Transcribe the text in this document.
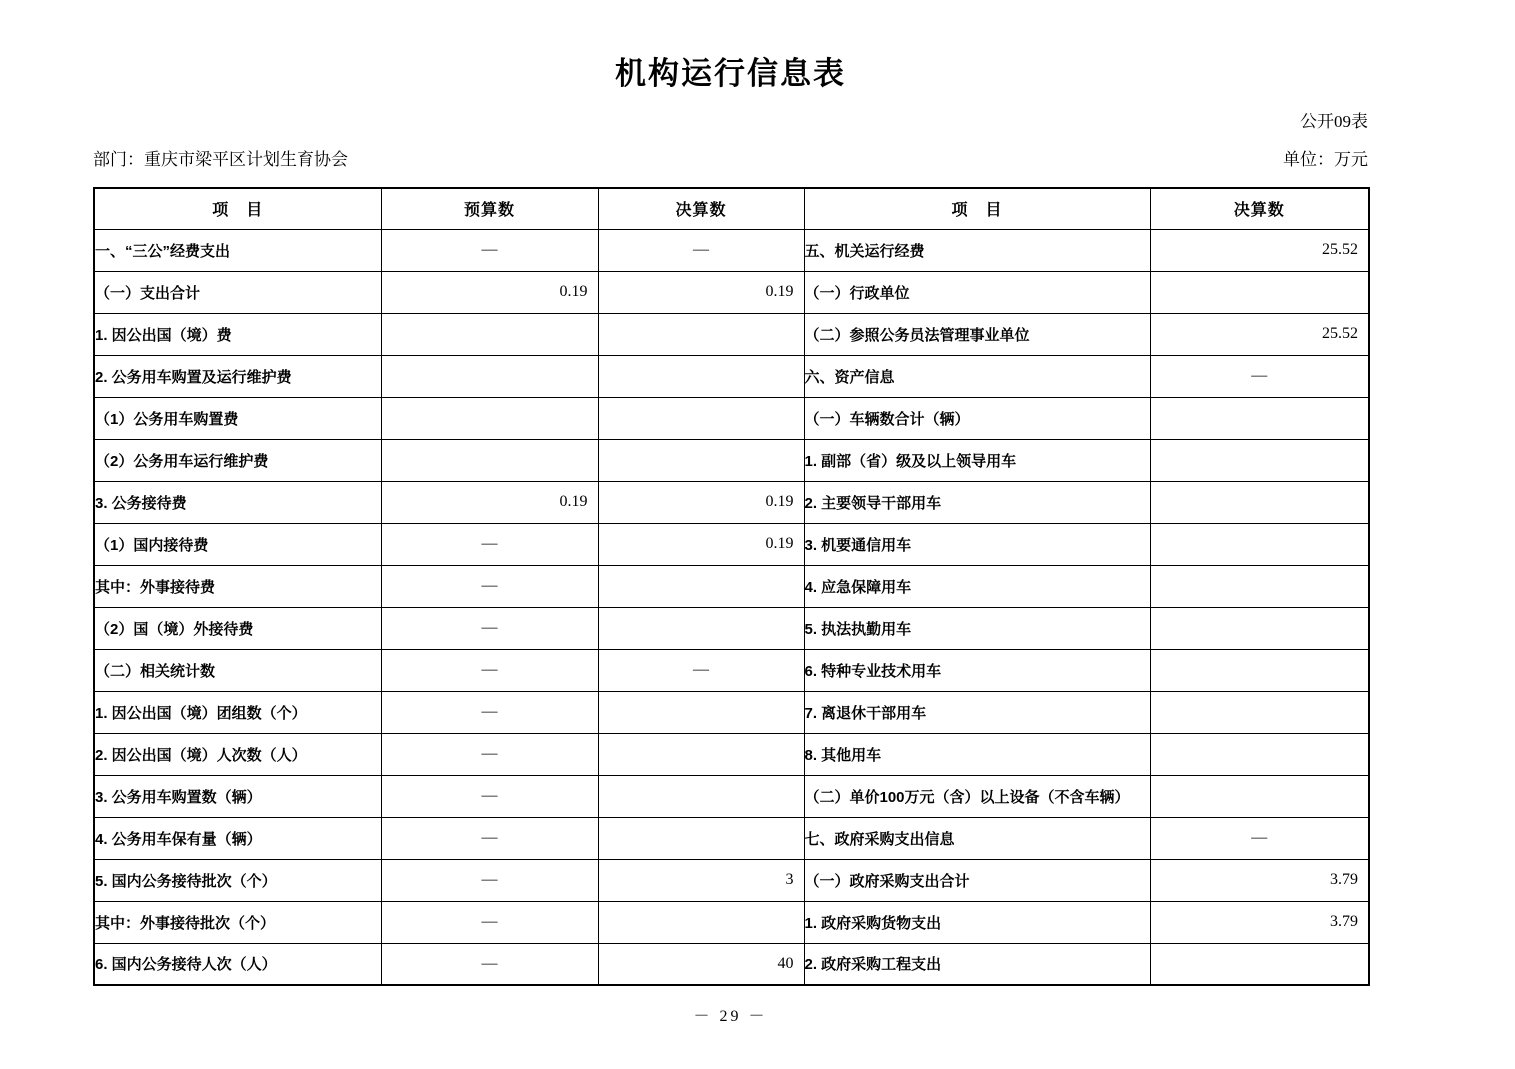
机构运行信息表
公开09表
部门：重庆市梁平区计划生育协会	单位：万元
项　目	预算数	决算数	项　目	决算数
一、“三公”经费支出	—	—	五、机关运行经费	25.52
（一）支出合计	0.19	0.19	（一）行政单位	
1. 因公出国（境）费			（二）参照公务员法管理事业单位	25.52
2. 公务用车购置及运行维护费			六、资产信息	—
（1）公务用车购置费			（一）车辆数合计（辆）	
（2）公务用车运行维护费			1. 副部（省）级及以上领导用车	
3. 公务接待费	0.19	0.19	2. 主要领导干部用车	
（1）国内接待费	—	0.19	3. 机要通信用车	
其中：外事接待费	—		4. 应急保障用车	
（2）国（境）外接待费	—		5. 执法执勤用车	
（二）相关统计数	—	—	6. 特种专业技术用车	
1. 因公出国（境）团组数（个）	—		7. 离退休干部用车	
2. 因公出国（境）人次数（人）	—		8. 其他用车	
3. 公务用车购置数（辆）	—		（二）单价100万元（含）以上设备（不含车辆）	
4. 公务用车保有量（辆）	—		七、政府采购支出信息	—
5. 国内公务接待批次（个）	—	3	（一）政府采购支出合计	3.79
其中：外事接待批次（个）	—		1. 政府采购货物支出	3.79
6. 国内公务接待人次（人）	—	40	2. 政府采购工程支出	
－ 29 －
